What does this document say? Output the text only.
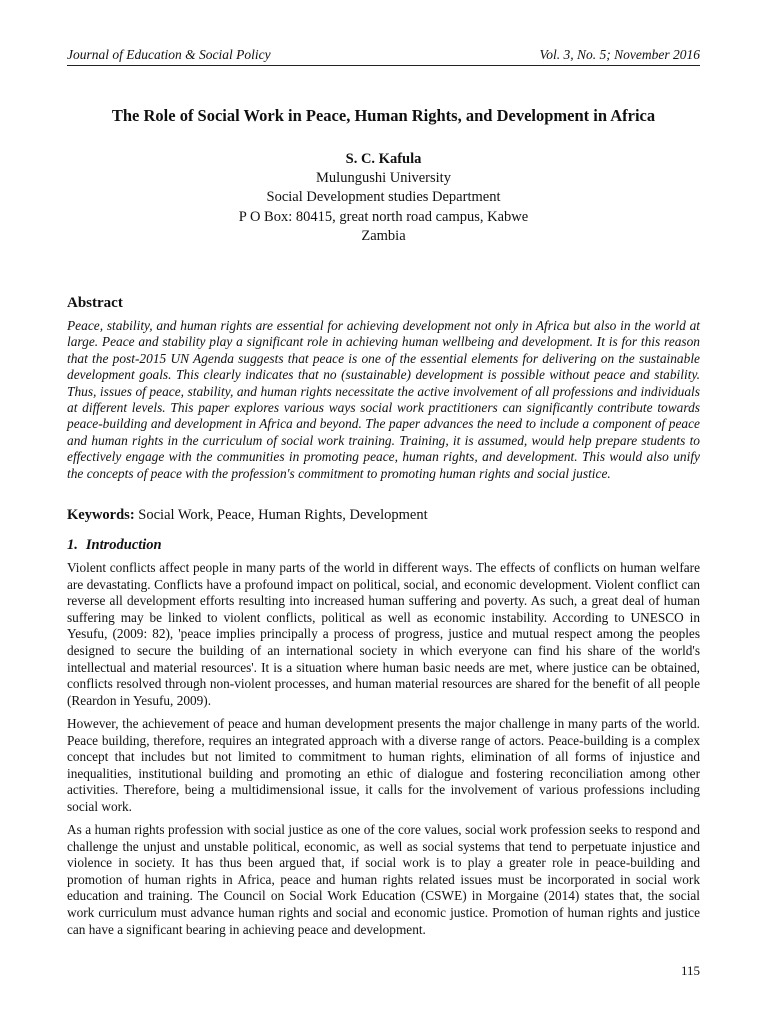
Journal of Education & Social Policy	Vol. 3, No. 5; November 2016
The Role of Social Work in Peace, Human Rights, and Development in Africa
S. C. Kafula
Mulungushi University
Social Development studies Department
P O Box: 80415, great north road campus, Kabwe
Zambia
Abstract

Peace, stability, and human rights are essential for achieving development not only in Africa but also in the world at large. Peace and stability play a significant role in achieving human wellbeing and development. It is for this reason that the post-2015 UN Agenda suggests that peace is one of the essential elements for delivering on the sustainable development goals. This clearly indicates that no (sustainable) development is possible without peace and stability. Thus, issues of peace, stability, and human rights necessitate the active involvement of all professions and individuals at different levels. This paper explores various ways social work practitioners can significantly contribute towards peace-building and development in Africa and beyond. The paper advances the need to include a component of peace and human rights in the curriculum of social work training. Training, it is assumed, would help prepare students to effectively engage with the communities in promoting peace, human rights, and development. This would also unify the concepts of peace with the profession's commitment to promoting human rights and social justice.

Keywords: Social Work, Peace, Human Rights, Development

1. Introduction

Violent conflicts affect people in many parts of the world in different ways. The effects of conflicts on human welfare are devastating. Conflicts have a profound impact on political, social, and economic development. Violent conflict can reverse all development efforts resulting into increased human suffering and poverty. As such, a great deal of human suffering may be linked to violent conflicts, political as well as economic instability. According to UNESCO in Yesufu, (2009: 82), 'peace implies principally a process of progress, justice and mutual respect among the peoples designed to secure the building of an international society in which everyone can find his share of the world's intellectual and material resources'. It is a situation where human basic needs are met, where justice can be obtained, conflicts resolved through non-violent processes, and human material resources are shared for the benefit of all people (Reardon in Yesufu, 2009).

However, the achievement of peace and human development presents the major challenge in many parts of the world. Peace building, therefore, requires an integrated approach with a diverse range of actors. Peace-building is a complex concept that includes but not limited to commitment to human rights, elimination of all forms of injustice and inequalities, institutional building and promoting an ethic of dialogue and fostering reconciliation among other activities. Therefore, being a multidimensional issue, it calls for the involvement of various professions including social work.

As a human rights profession with social justice as one of the core values, social work profession seeks to respond and challenge the unjust and unstable political, economic, as well as social systems that tend to perpetuate injustice and violence in society. It has thus been argued that, if social work is to play a greater role in peace-building and promotion of human rights in Africa, peace and human rights related issues must be incorporated in social work education and training. The Council on Social Work Education (CSWE) in Morgaine (2014) states that, the social work curriculum must advance human rights and social and economic justice. Promotion of human rights and justice can have a significant bearing in achieving peace and development.

115
